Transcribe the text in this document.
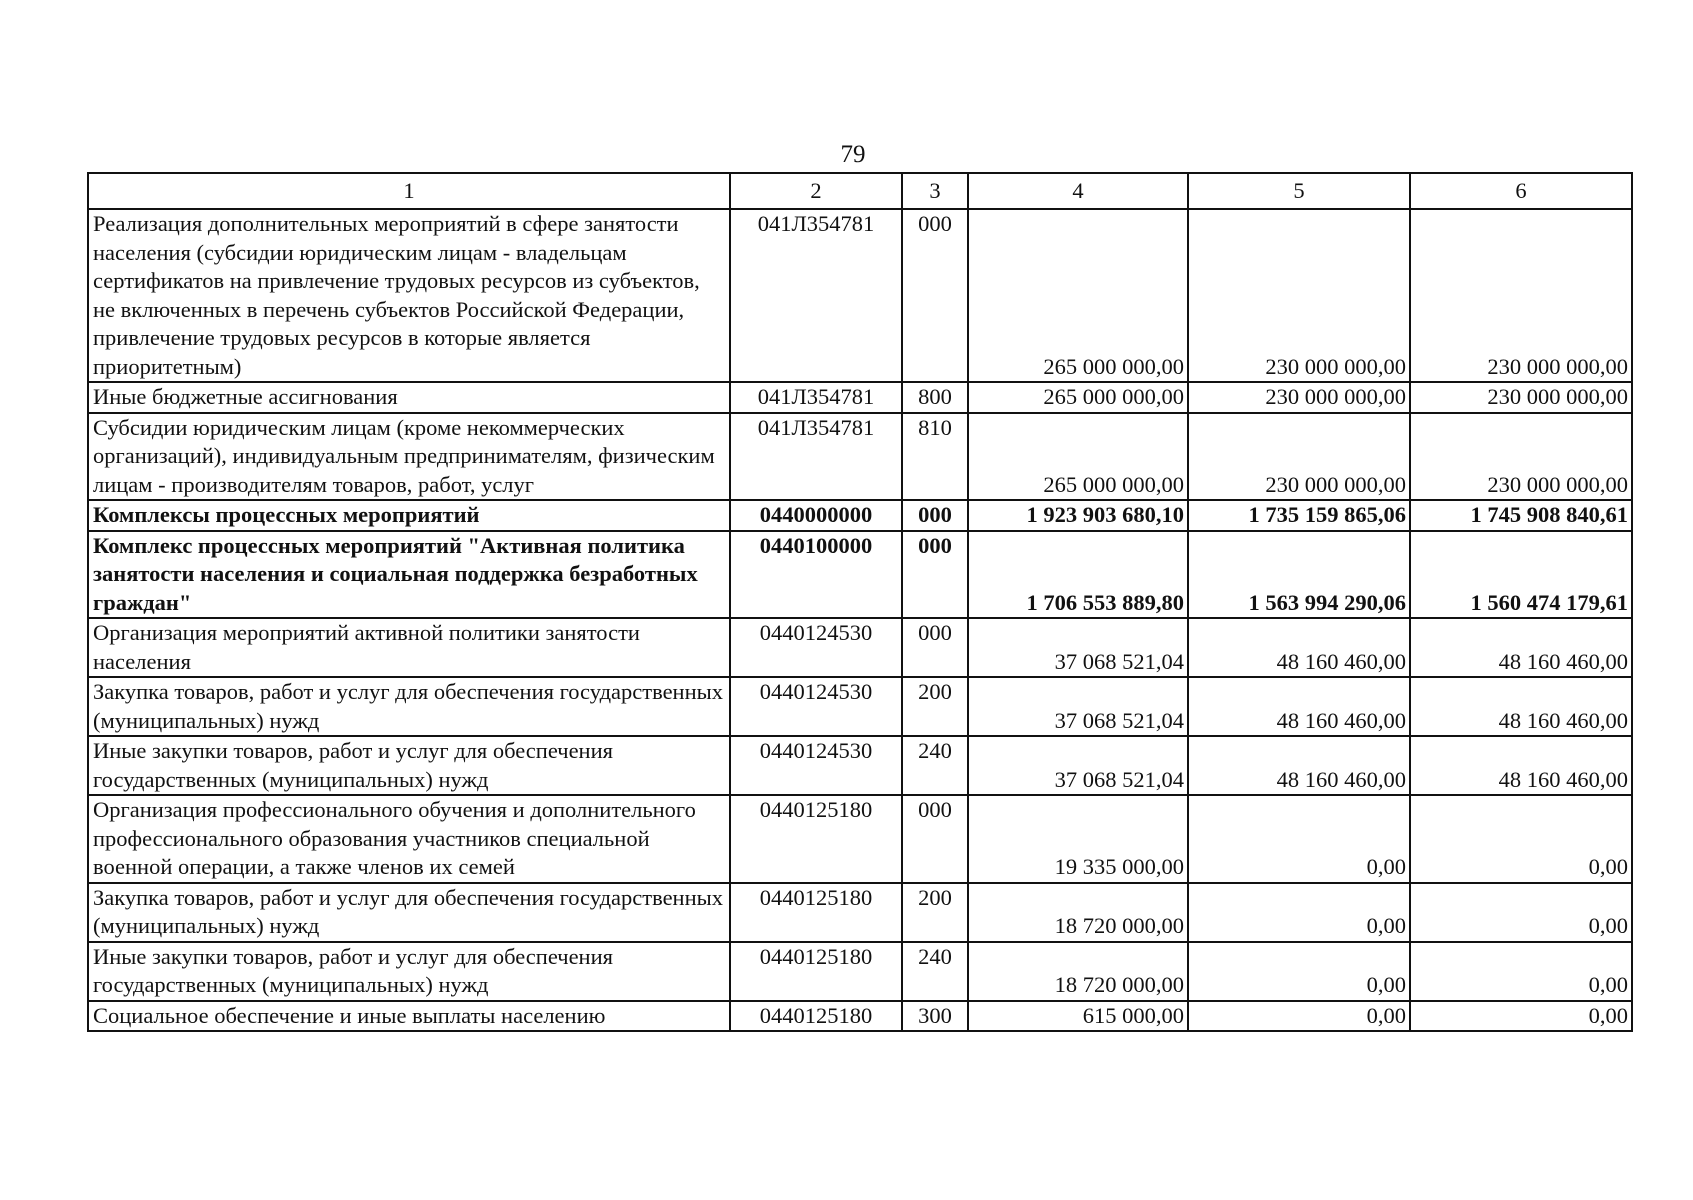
79
1	2	3	4	5	6
Реализация дополнительных мероприятий в сфере занятости населения (субсидии юридическим лицам - владельцам сертификатов на привлечение трудовых ресурсов из субъектов, не включенных в перечень субъектов Российской Федерации, привлечение трудовых ресурсов в которые является приоритетным)	041Л354781	000	265 000 000,00	230 000 000,00	230 000 000,00
Иные бюджетные ассигнования	041Л354781	800	265 000 000,00	230 000 000,00	230 000 000,00
Субсидии юридическим лицам (кроме некоммерческих организаций), индивидуальным предпринимателям, физическим лицам - производителям товаров, работ, услуг	041Л354781	810	265 000 000,00	230 000 000,00	230 000 000,00
Комплексы процессных мероприятий	0440000000	000	1 923 903 680,10	1 735 159 865,06	1 745 908 840,61
Комплекс процессных мероприятий "Активная политика занятости населения и социальная поддержка безработных граждан"	0440100000	000	1 706 553 889,80	1 563 994 290,06	1 560 474 179,61
Организация мероприятий активной политики занятости населения	0440124530	000	37 068 521,04	48 160 460,00	48 160 460,00
Закупка товаров, работ и услуг для обеспечения государственных (муниципальных) нужд	0440124530	200	37 068 521,04	48 160 460,00	48 160 460,00
Иные закупки товаров, работ и услуг для обеспечения государственных (муниципальных) нужд	0440124530	240	37 068 521,04	48 160 460,00	48 160 460,00
Организация профессионального обучения и дополнительного профессионального образования участников специальной военной операции, а также членов их семей	0440125180	000	19 335 000,00	0,00	0,00
Закупка товаров, работ и услуг для обеспечения государственных (муниципальных) нужд	0440125180	200	18 720 000,00	0,00	0,00
Иные закупки товаров, работ и услуг для обеспечения государственных (муниципальных) нужд	0440125180	240	18 720 000,00	0,00	0,00
Социальное обеспечение и иные выплаты населению	0440125180	300	615 000,00	0,00	0,00
